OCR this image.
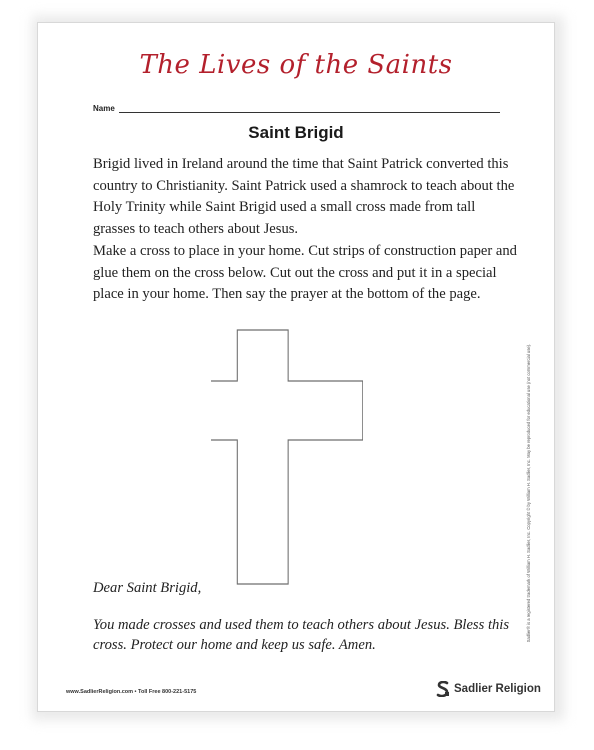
The Lives of the Saints
Name
Saint Brigid

Brigid lived in Ireland around the time that Saint Patrick converted this country to Christianity. Saint Patrick used a shamrock to teach about the Holy Trinity while Saint Brigid used a small cross made from tall grasses to teach others about Jesus.

Make a cross to place in your home. Cut strips of construction paper and glue them on the cross below. Cut out the cross and put it in a special place in your home. Then say the prayer at the bottom of the page.

Dear Saint Brigid,

You made crosses and used them to teach others about Jesus. Bless this cross. Protect our home and keep us safe. Amen.

Sadlier® is a registered trademark of William H. Sadlier, Inc. Copyright © by William H. Sadlier, Inc. May be reproduced for educational use (not commercial use).
www.SadlierReligion.com • Toll Free 800-221-5175	Sadlier Religion
